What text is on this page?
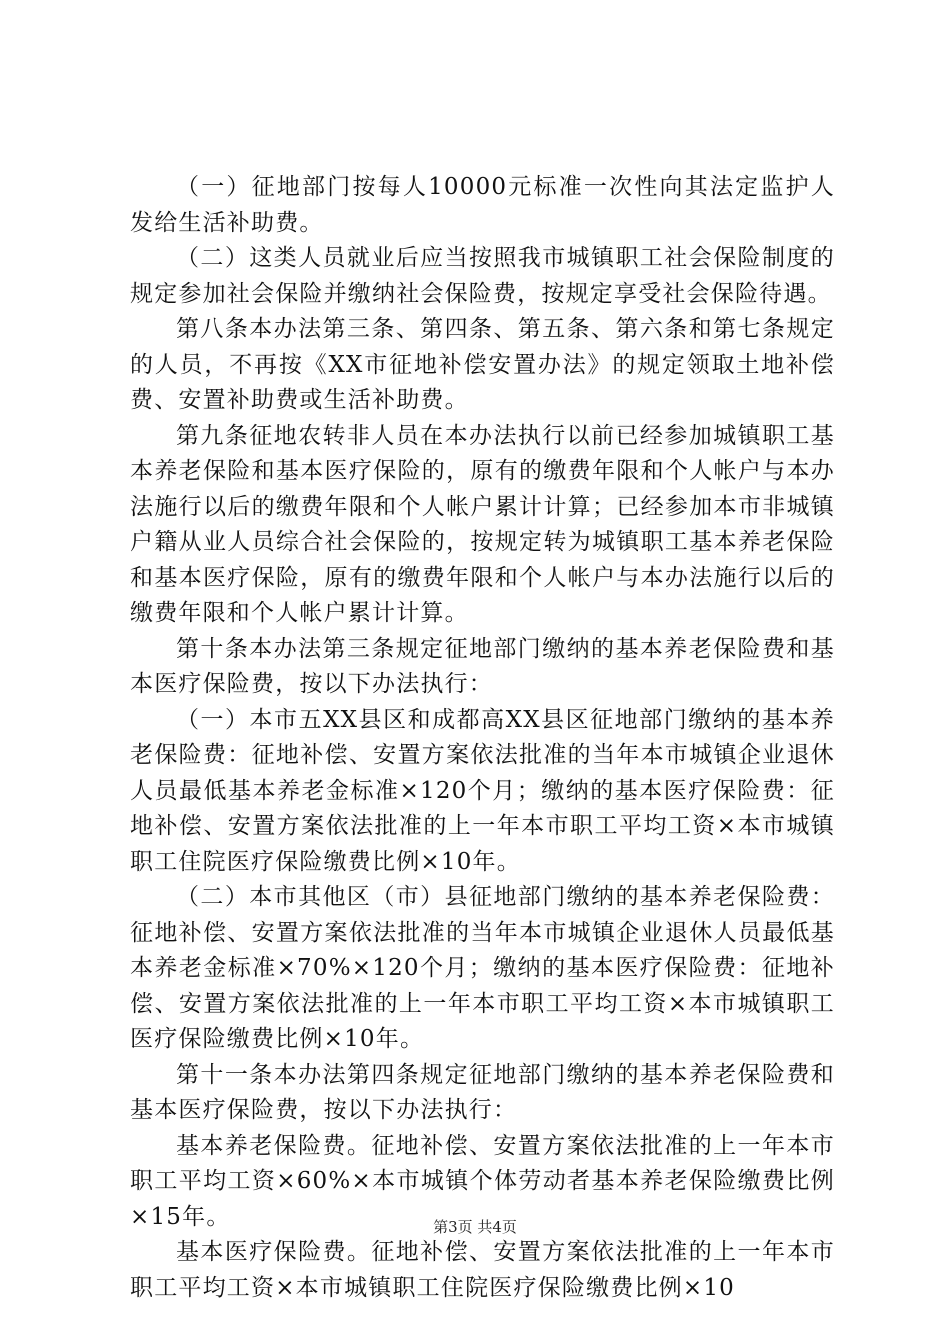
（一）征地部门按每人10000元标准一次性向其法定监护人发给生活补助费。

（二）这类人员就业后应当按照我市城镇职工社会保险制度的规定参加社会保险并缴纳社会保险费，按规定享受社会保险待遇。

第八条本办法第三条、第四条、第五条、第六条和第七条规定的人员，不再按《XX市征地补偿安置办法》的规定领取土地补偿费、安置补助费或生活补助费。

第九条征地农转非人员在本办法执行以前已经参加城镇职工基本养老保险和基本医疗保险的，原有的缴费年限和个人帐户与本办法施行以后的缴费年限和个人帐户累计计算；已经参加本市非城镇户籍从业人员综合社会保险的，按规定转为城镇职工基本养老保险和基本医疗保险，原有的缴费年限和个人帐户与本办法施行以后的缴费年限和个人帐户累计计算。

第十条本办法第三条规定征地部门缴纳的基本养老保险费和基本医疗保险费，按以下办法执行：

（一）本市五XX县区和成都高XX县区征地部门缴纳的基本养老保险费：征地补偿、安置方案依法批准的当年本市城镇企业退休人员最低基本养老金标准×120个月；缴纳的基本医疗保险费：征地补偿、安置方案依法批准的上一年本市职工平均工资×本市城镇职工住院医疗保险缴费比例×10年。

（二）本市其他区（市）县征地部门缴纳的基本养老保险费：征地补偿、安置方案依法批准的当年本市城镇企业退休人员最低基本养老金标准×70%×120个月；缴纳的基本医疗保险费：征地补偿、安置方案依法批准的上一年本市职工平均工资×本市城镇职工医疗保险缴费比例×10年。

第十一条本办法第四条规定征地部门缴纳的基本养老保险费和基本医疗保险费，按以下办法执行：

基本养老保险费。征地补偿、安置方案依法批准的上一年本市职工平均工资×60%×本市城镇个体劳动者基本养老保险缴费比例×15年。

基本医疗保险费。征地补偿、安置方案依法批准的上一年本市职工平均工资×本市城镇职工住院医疗保险缴费比例×10

第3页 共4页
